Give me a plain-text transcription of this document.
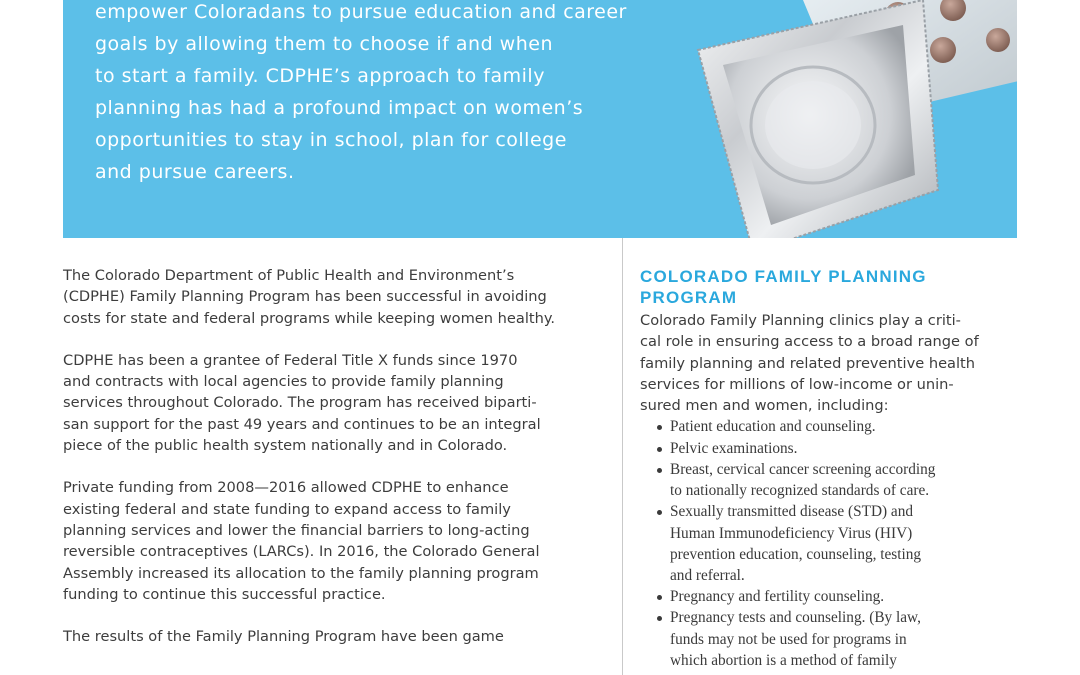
empower Coloradans to pursue education and career
goals by allowing them to choose if and when
to start a family. CDPHE’s approach to family
planning has had a profound impact on women’s
opportunities to stay in school, plan for college
and pursue careers.

The Colorado Department of Public Health and Environment’s
(CDPHE) Family Planning Program has been successful in avoiding
costs for state and federal programs while keeping women healthy.

CDPHE has been a grantee of Federal Title X funds since 1970
and contracts with local agencies to provide family planning
services throughout Colorado. The program has received biparti-
san support for the past 49 years and continues to be an integral
piece of the public health system nationally and in Colorado.

Private funding from 2008—2016 allowed CDPHE to enhance
existing federal and state funding to expand access to family
planning services and lower the financial barriers to long-acting
reversible contraceptives (LARCs). In 2016, the Colorado General
Assembly increased its allocation to the family planning program
funding to continue this successful practice.

The results of the Family Planning Program have been game

COLORADO FAMILY PLANNING
PROGRAM

Colorado Family Planning clinics play a criti-
cal role in ensuring access to a broad range of
family planning and related preventive health
services for millions of low-income or unin-
sured men and women, including:

Patient education and counseling.
Pelvic examinations.
Breast, cervical cancer screening according
to nationally recognized standards of care.
Sexually transmitted disease (STD) and
Human Immunodeficiency Virus (HIV)
prevention education, counseling, testing
and referral.
Pregnancy and fertility counseling.
Pregnancy tests and counseling. (By law,
funds may not be used for programs in
which abortion is a method of family
